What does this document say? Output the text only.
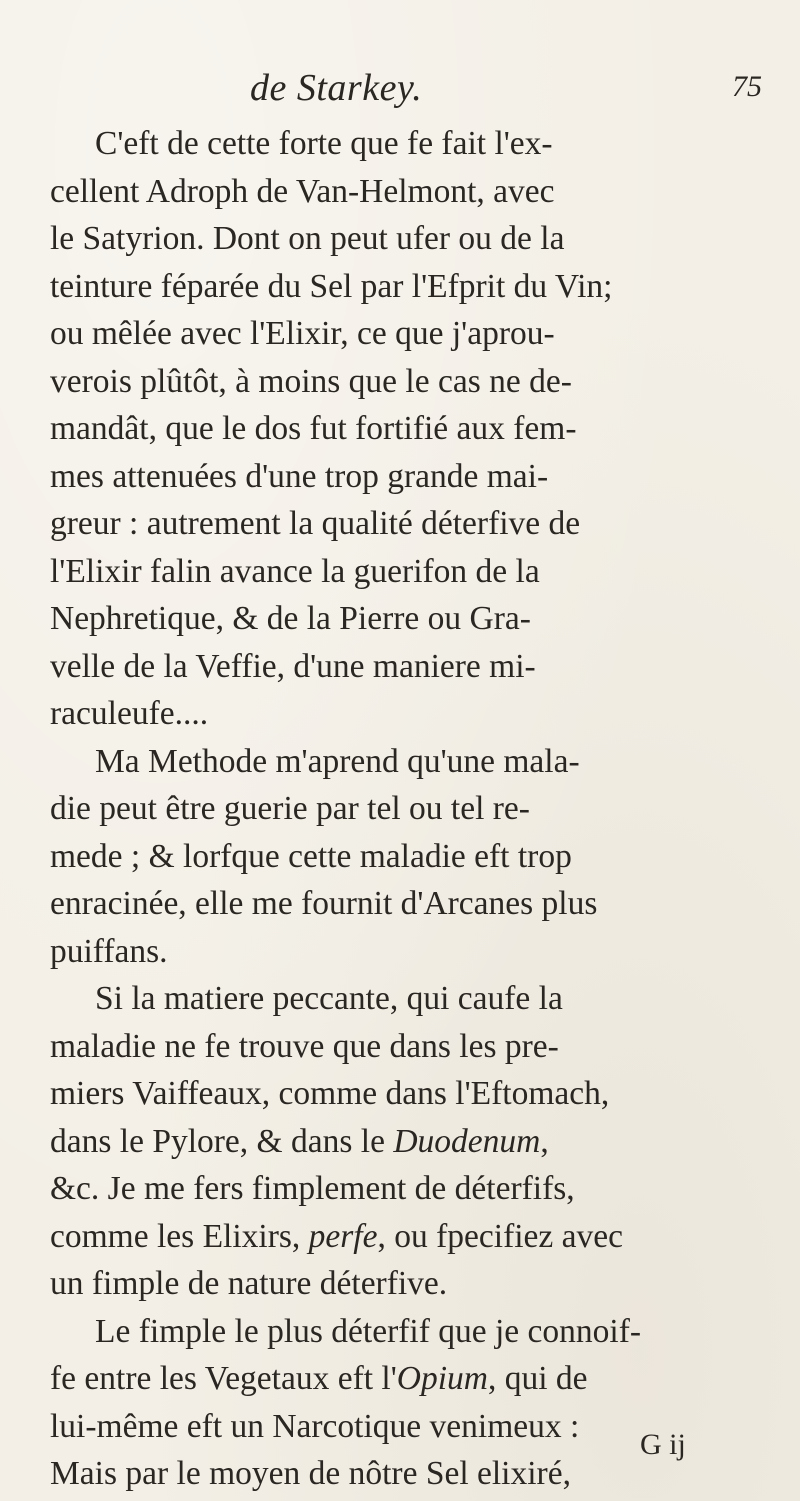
de Starkey.	75
C'eft de cette forte que fe fait l'ex-
cellent Adroph de Van-Helmont, avec
le Satyrion. Dont on peut ufer ou de la
teinture féparée du Sel par l'Efprit du Vin;
ou mêlée avec l'Elixir, ce que j'aprou-
verois plûtôt, à moins que le cas ne de-
mandât, que le dos fut fortifié aux fem-
mes attenuées d'une trop grande mai-
greur : autrement la qualité déterfive de
l'Elixir falin avance la guerifon de la
Nephretique, & de la Pierre ou Gra-
velle de la Veffie, d'une maniere mi-
raculeufe....
Ma Methode m'aprend qu'une mala-
die peut être guerie par tel ou tel re-
mede ; & lorfque cette maladie eft trop
enracinée, elle me fournit d'Arcanes plus
puiffans.
Si la matiere peccante, qui caufe la
maladie ne fe trouve que dans les pre-
miers Vaiffeaux, comme dans l'Eftomach,
dans le Pylore, & dans le Duodenum,
&c. Je me fers fimplement de déterfifs,
comme les Elixirs, perfe, ou fpecifiez avec
un fimple de nature déterfive.
Le fimple le plus déterfif que je connoif-
fe entre les Vegetaux eft l'Opium, qui de
lui-même eft un Narcotique venimeux :
Mais par le moyen de nôtre Sel elixiré,
G ij
